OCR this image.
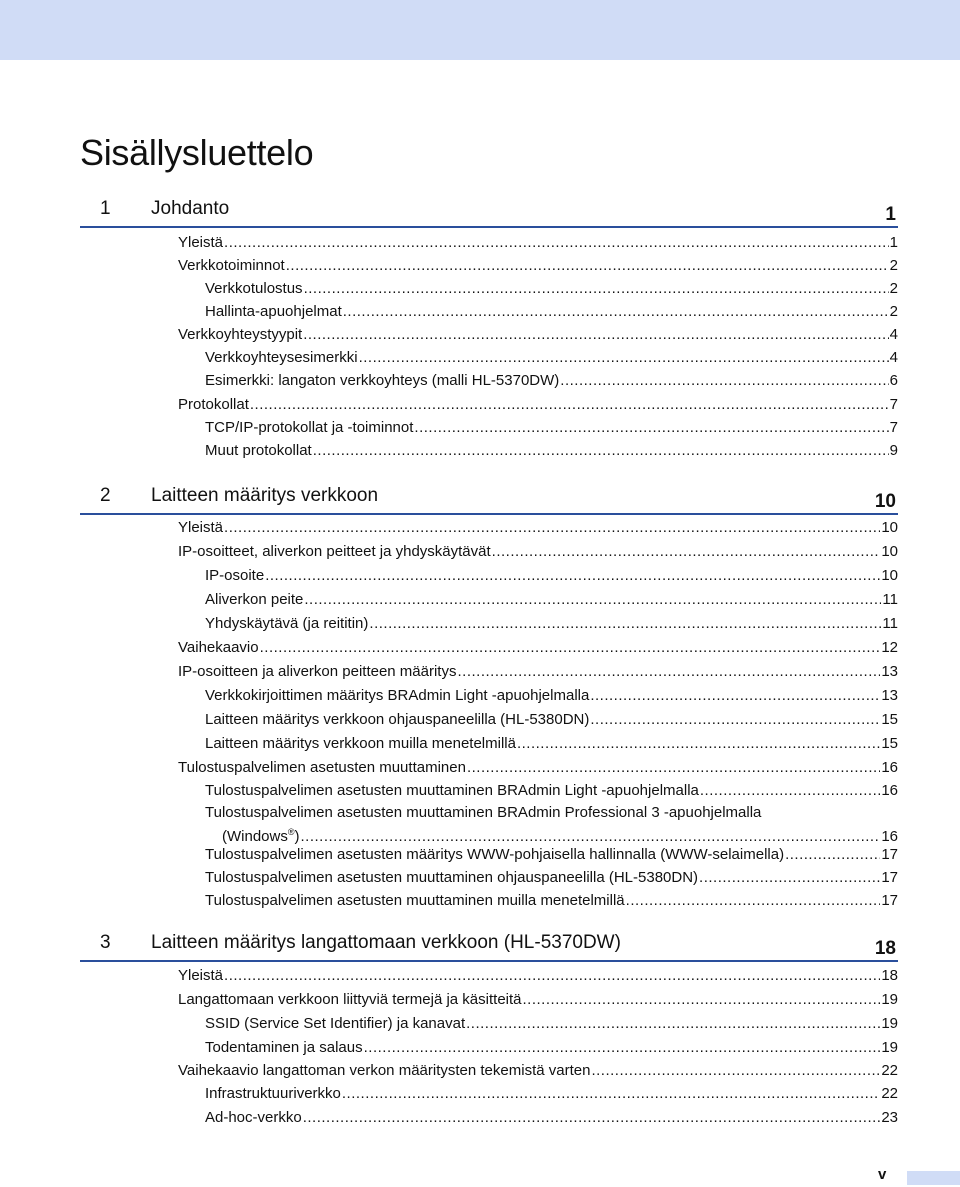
Sisällysluettelo
1 Johdanto	1
Yleistä .....	1
Verkkotoiminnot .....	2
Verkkotulostus .....	2
Hallinta-apuohjelmat .....	2
Verkkoyhteystyypit .....	4
Verkkoyhteysesimerkki .....	4
Esimerkki: langaton verkkoyhteys (malli HL-5370DW) .....	6
Protokollat .....	7
TCP/IP-protokollat ja -toiminnot .....	7
Muut protokollat .....	9
2 Laitteen määritys verkkoon	10
Yleistä .....	10
IP-osoitteet, aliverkon peitteet ja yhdyskäytävät .....	10
IP-osoite .....	10
Aliverkon peite .....	11
Yhdyskäytävä (ja reititin) .....	11
Vaihekaavio .....	12
IP-osoitteen ja aliverkon peitteen määritys .....	13
Verkkokirjoittimen määritys BRAdmin Light -apuohjelmalla .....	13
Laitteen määritys verkkoon ohjauspaneelilla (HL-5380DN) .....	15
Laitteen määritys verkkoon muilla menetelmillä .....	15
Tulostuspalvelimen asetusten muuttaminen .....	16
Tulostuspalvelimen asetusten muuttaminen BRAdmin Light -apuohjelmalla .....	16
Tulostuspalvelimen asetusten muuttaminen BRAdmin Professional 3 -apuohjelmalla
(Windows®) .....	16
Tulostuspalvelimen asetusten määritys WWW-pohjaisella hallinnalla (WWW-selaimella) .....	17
Tulostuspalvelimen asetusten muuttaminen ohjauspaneelilla (HL-5380DN) .....	17
Tulostuspalvelimen asetusten muuttaminen muilla menetelmillä .....	17
3 Laitteen määritys langattomaan verkkoon (HL-5370DW)	18
Yleistä .....	18
Langattomaan verkkoon liittyviä termejä ja käsitteitä .....	19
SSID (Service Set Identifier) ja kanavat .....	19
Todentaminen ja salaus .....	19
Vaihekaavio langattoman verkon määritysten tekemistä varten .....	22
Infrastruktuuriverkko .....	22
Ad-hoc-verkko .....	23
v
